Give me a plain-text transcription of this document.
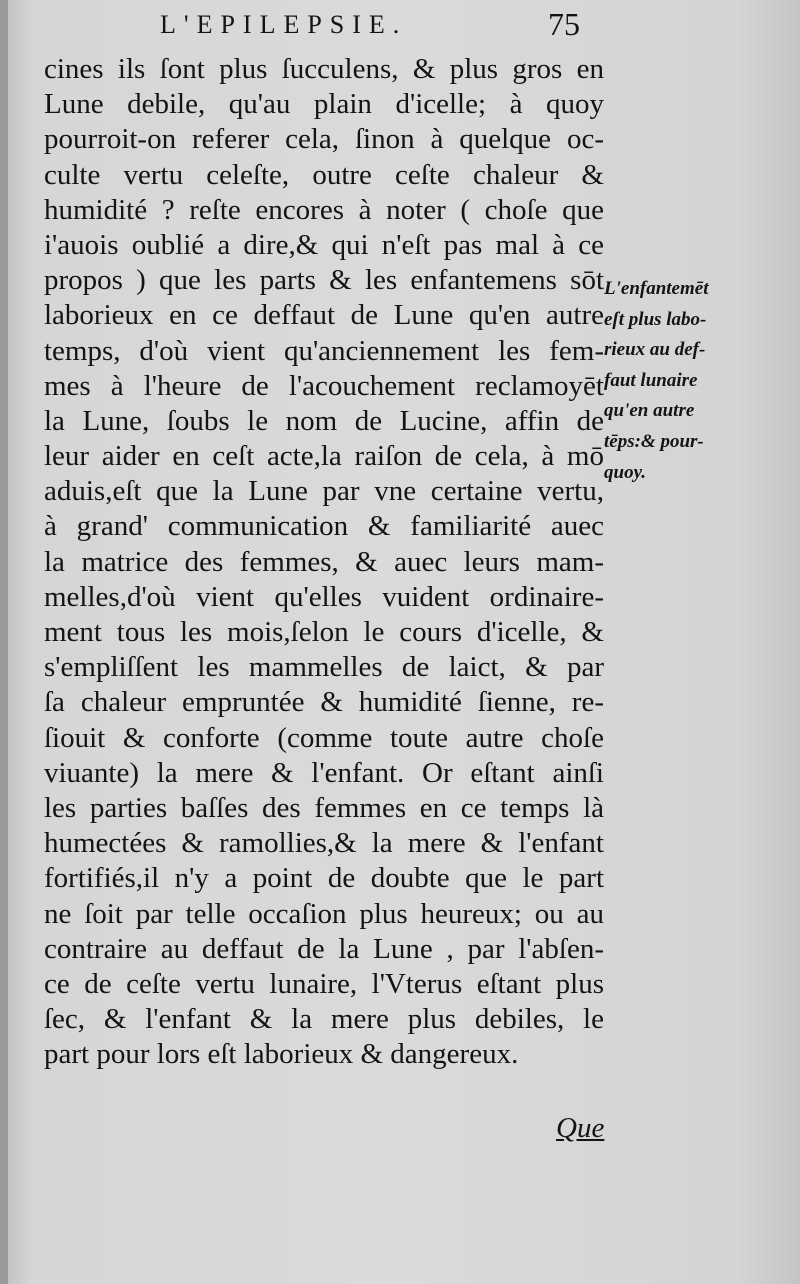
L'EPILEPSIE.	75
cines ils ſont plus ſucculens, & plus gros en
Lune debile, qu'au plain d'icelle; à quoy
pourroit-on referer cela, ſinon à quelque oc-
culte vertu celeſte, outre ceſte chaleur &
humidité ? reſte encores à noter ( choſe que
i'auois oublié a dire,& qui n'eſt pas mal à ce
propos ) que les parts & les enfantemens sōt
laborieux en ce deffaut de Lune qu'en autre
temps, d'où vient qu'anciennement les fem-
mes à l'heure de l'acouchement reclamoyēt
la Lune, ſoubs le nom de Lucine, affin de
leur aider en ceſt acte,la raiſon de cela, à mō
aduis,eſt que la Lune par vne certaine vertu,
à grand' communication & familiarité auec
la matrice des femmes, & auec leurs mam-
melles,d'où vient qu'elles vuident ordinaire-
ment tous les mois,ſelon le cours d'icelle, &
s'empliſſent les mammelles de laict, & par
ſa chaleur empruntée & humidité ſienne, re-
ſiouit & conforte (comme toute autre choſe
viuante) la mere & l'enfant. Or eſtant ainſi
les parties baſſes des femmes en ce temps là
humectées & ramollies,& la mere & l'enfant
fortifiés,il n'y a point de doubte que le part
ne ſoit par telle occaſion plus heureux; ou au
contraire au deffaut de la Lune , par l'abſen-
ce de ceſte vertu lunaire, l'Vterus eſtant plus
ſec, & l'enfant & la mere plus debiles, le
part pour lors eſt laborieux & dangereux.
L'enfantemēt
eſt plus labo-
rieux au def-
faut lunaire
qu'en autre
tēps:& pour-
quoy.
Que
